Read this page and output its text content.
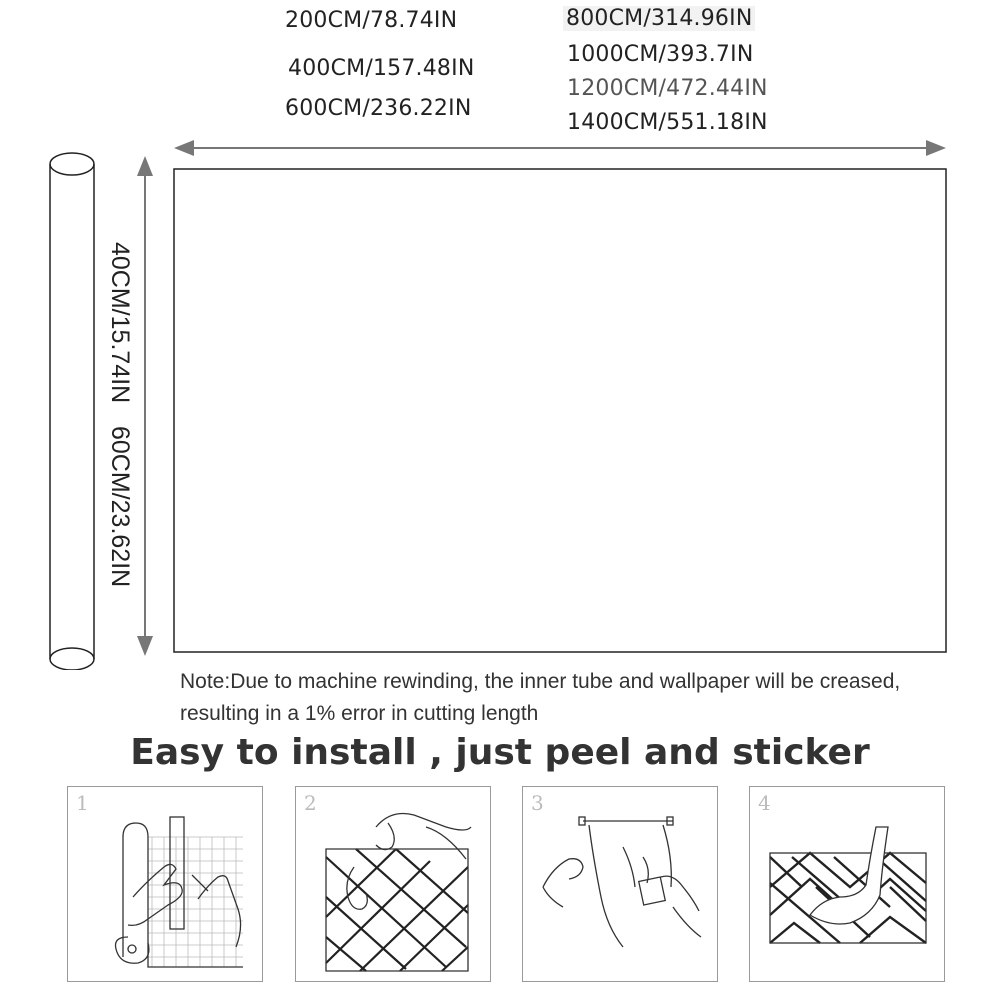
200CM/78.74IN
400CM/157.48IN
600CM/236.22IN
800CM/314.96IN
1000CM/393.7IN
1200CM/472.44IN
1400CM/551.18IN
40CM/15.74IN
60CM/23.62IN
Note:Due to machine rewinding, the inner tube and wallpaper will be creased,
resulting in a 1% error in cutting length
Easy to install , just peel and sticker
1	2	3	4
